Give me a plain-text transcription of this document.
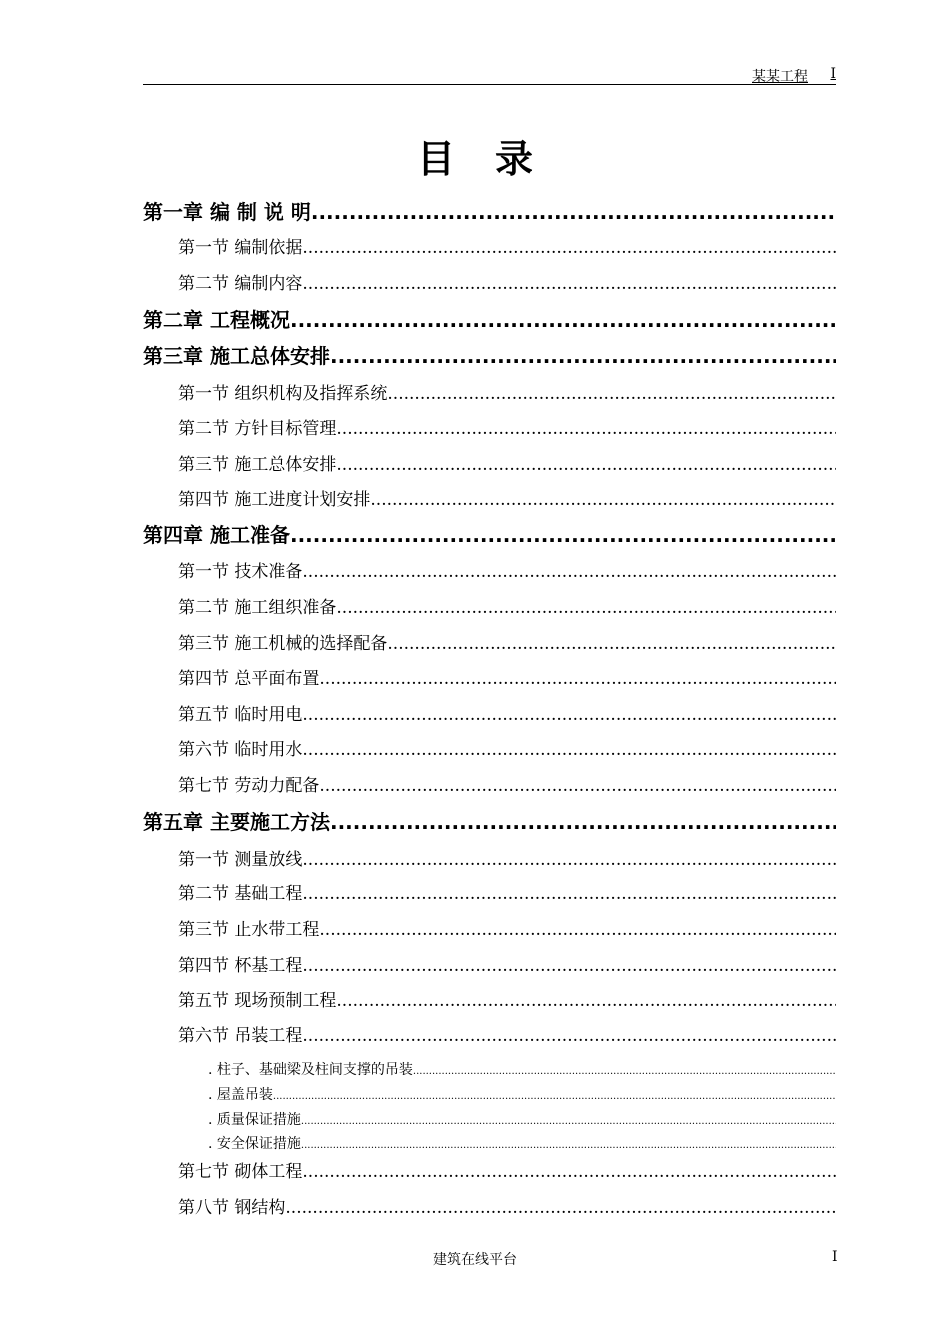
某某工程 I
目录
第一章 编 制 说 明
.....
第一节 编制依据
.....
第二节 编制内容
.....
第二章 工程概况
.....
第三章 施工总体安排
.....
第一节 组织机构及指挥系统
.....
第二节 方针目标管理
.....
第三节 施工总体安排
.....
第四节 施工进度计划安排
.....
第四章 施工准备
.....
第一节 技术准备
.....
第二节 施工组织准备
.....
第三节 施工机械的选择配备
.....
第四节 总平面布置
.....
第五节 临时用电
.....
第六节 临时用水
.....
第七节 劳动力配备
.....
第五章 主要施工方法
.....
第一节 测量放线
.....
第二节 基础工程
.....
第三节 止水带工程
.....
第四节 杯基工程
.....
第五节 现场预制工程
.....
第六节 吊装工程
.....
. 柱子、基础梁及柱间支撑的吊装
.....
. 屋盖吊装
.....
. 质量保证措施
.....
. 安全保证措施
.....
第七节 砌体工程
.....
第八节 钢结构
.....
建筑在线平台	I
